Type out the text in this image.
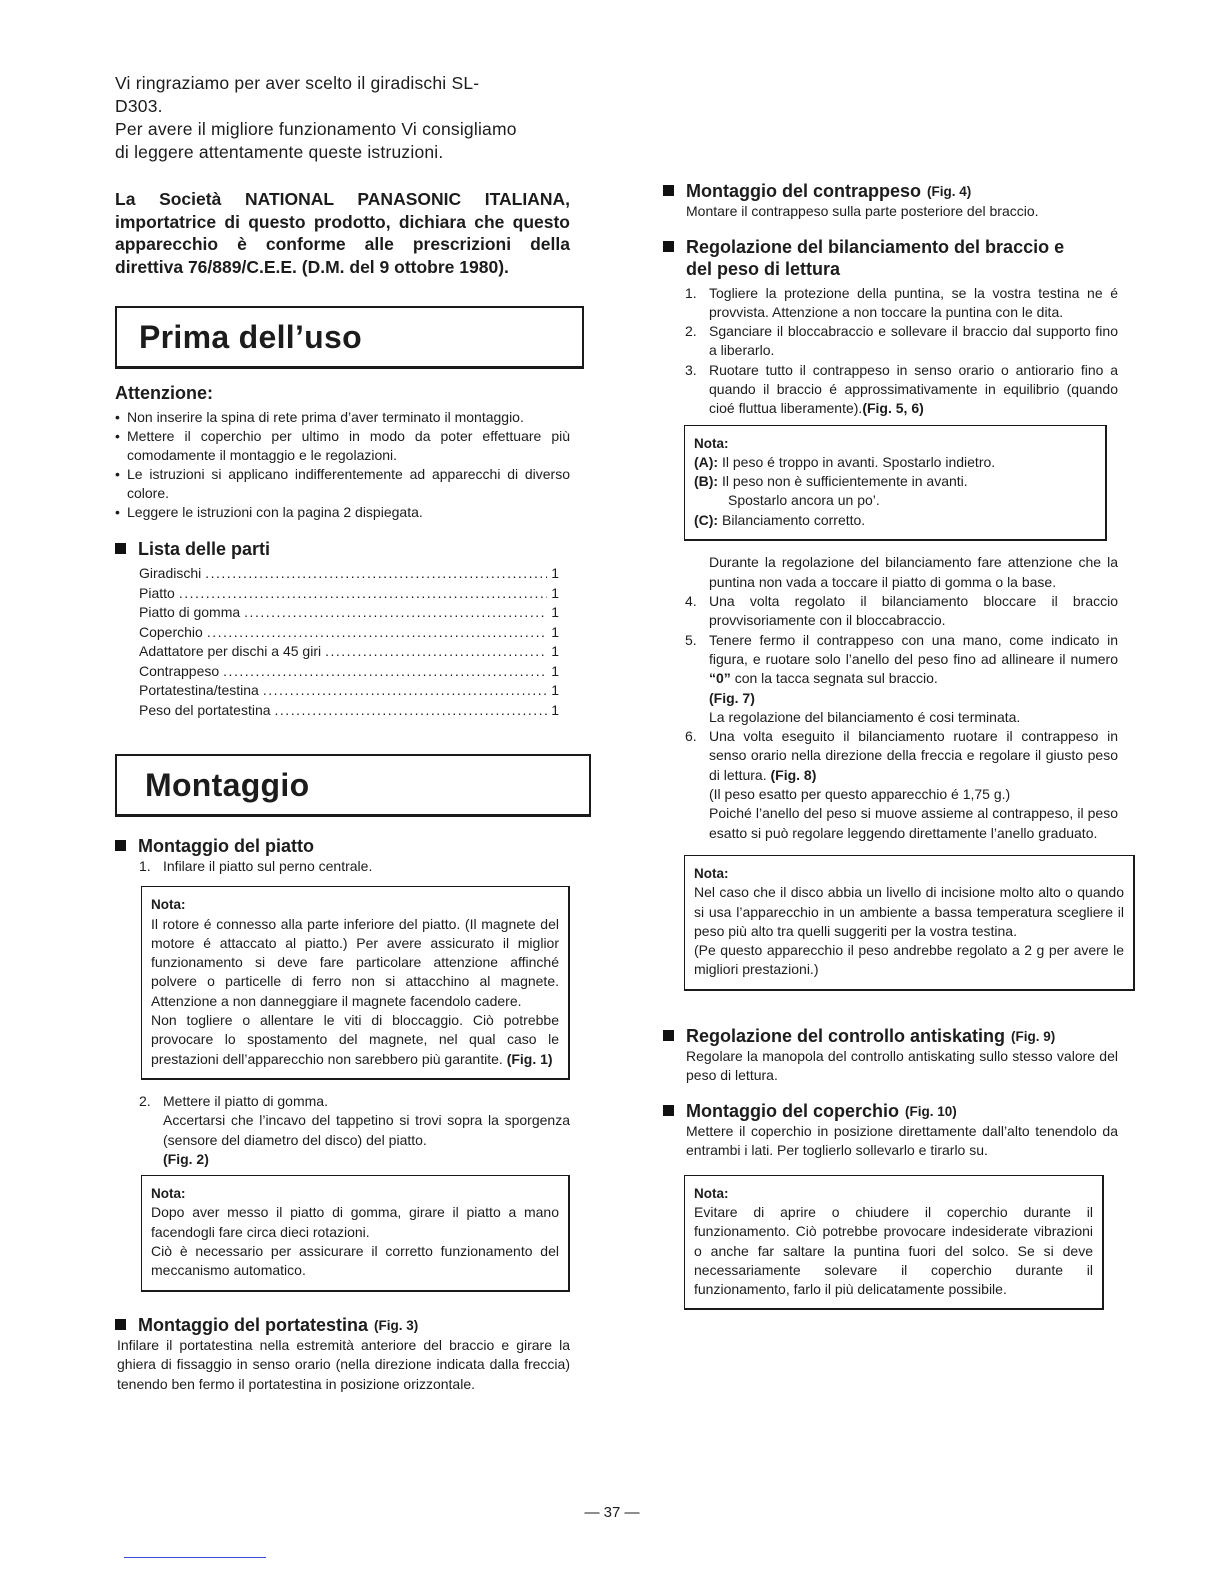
Vi ringraziamo per aver scelto il giradischi SL-

D303.

Per avere il migliore funzionamento Vi consigliamo

di leggere attentamente queste istruzioni.

La Società NATIONAL PANASONIC ITALIANA, importatrice di questo prodotto, dichiara che questo apparecchio è conforme alle prescrizioni della direttiva 76/889/C.E.E. (D.M. del 9 ottobre 1980).
Prima dell’uso
Attenzione:
• Non inserire la spina di rete prima d’aver terminato il montaggio.
• Mettere il coperchio per ultimo in modo da poter effettuare più comodamente il montaggio e le regolazioni.
• Le istruzioni si applicano indifferentemente ad apparecchi di diverso colore.
• Leggere le istruzioni con la pagina 2 dispiegata.
Lista delle parti
Giradischi .....	1
Piatto .....	1
Piatto di gomma .....	1
Coperchio .....	1
Adattatore per dischi a 45 giri .....	1
Contrappeso .....	1
Portatestina/testina .....	1
Peso del portatestina .....	1
Montaggio
Montaggio del piatto
1. Infilare il piatto sul perno centrale.
Nota:

Il rotore é connesso alla parte inferiore del piatto. (Il magnete del motore é attaccato al piatto.) Per avere assicurato il miglior funzionamento si deve fare particolare attenzione affinché polvere o particelle di ferro non si attacchino al magnete. Attenzione a non danneggiare il magnete facendolo cadere.

Non togliere o allentare le viti di bloccaggio. Ciò potrebbe provocare lo spostamento del magnete, nel qual caso le prestazioni dell’apparecchio non sarebbero più garantite. (Fig. 1)

2. Mettere il piatto di gomma.
Accertarsi che l’incavo del tappetino si trovi sopra la sporgenza (sensore del diametro del disco) del piatto.
(Fig. 2)
Nota:

Dopo aver messo il piatto di gomma, girare il piatto a mano facendogli fare circa dieci rotazioni.

Ciò è necessario per assicurare il corretto funzionamento del meccanismo automatico.

Montaggio del portatestina (Fig. 3)
Infilare il portatestina nella estremità anteriore del braccio e girare la ghiera di fissaggio in senso orario (nella direzione indicata dalla freccia) tenendo ben fermo il portatestina in posizione orizzontale.
Montaggio del contrappeso (Fig. 4)
Montare il contrappeso sulla parte posteriore del braccio.
Regolazione del bilanciamento del braccio e
del peso di lettura
1. Togliere la protezione della puntina, se la vostra testina ne é provvista. Attenzione a non toccare la puntina con le dita.
2. Sganciare il bloccabraccio e sollevare il braccio dal supporto fino a liberarlo.
3. Ruotare tutto il contrappeso in senso orario o antiorario fino a quando il braccio é approssimativamente in equilibrio (quando cioé fluttua liberamente).(Fig. 5, 6)
Nota:

(A): Il peso é troppo in avanti. Spostarlo indietro.

(B): Il peso non è sufficientemente in avanti.

Spostarlo ancora un po’.

(C): Bilanciamento corretto.

Durante la regolazione del bilanciamento fare attenzione che la puntina non vada a toccare il piatto di gomma o la base.
4. Una volta regolato il bilanciamento bloccare il braccio provvisoriamente con il bloccabraccio.
5. Tenere fermo il contrappeso con una mano, come indicato in figura, e ruotare solo l’anello del peso fino ad allineare il numero “0” con la tacca segnata sul braccio.
(Fig. 7)
La regolazione del bilanciamento é cosi terminata.
6. Una volta eseguito il bilanciamento ruotare il contrappeso in senso orario nella direzione della freccia e regolare il giusto peso di lettura. (Fig. 8)
(Il peso esatto per questo apparecchio é 1,75 g.)
Poiché l’anello del peso si muove assieme al contrappeso, il peso esatto si può regolare leggendo direttamente l’anello graduato.
Nota:

Nel caso che il disco abbia un livello di incisione molto alto o quando si usa l’apparecchio in un ambiente a bassa temperatura scegliere il peso più alto tra quelli suggeriti per la vostra testina.

(Pe questo apparecchio il peso andrebbe regolato a 2 g per avere le migliori prestazioni.)

Regolazione del controllo antiskating (Fig. 9)
Regolare la manopola del controllo antiskating sullo stesso valore del peso di lettura.
Montaggio del coperchio (Fig. 10)
Mettere il coperchio in posizione direttamente dall’alto tenendolo da entrambi i lati. Per toglierlo sollevarlo e tirarlo su.
Nota:

Evitare di aprire o chiudere il coperchio durante il funzionamento. Ciò potrebbe provocare indesiderate vibrazioni o anche far saltare la puntina fuori del solco. Se si deve necessariamente solevare il coperchio durante il funzionamento, farlo il più delicatamente possibile.

— 37 —
